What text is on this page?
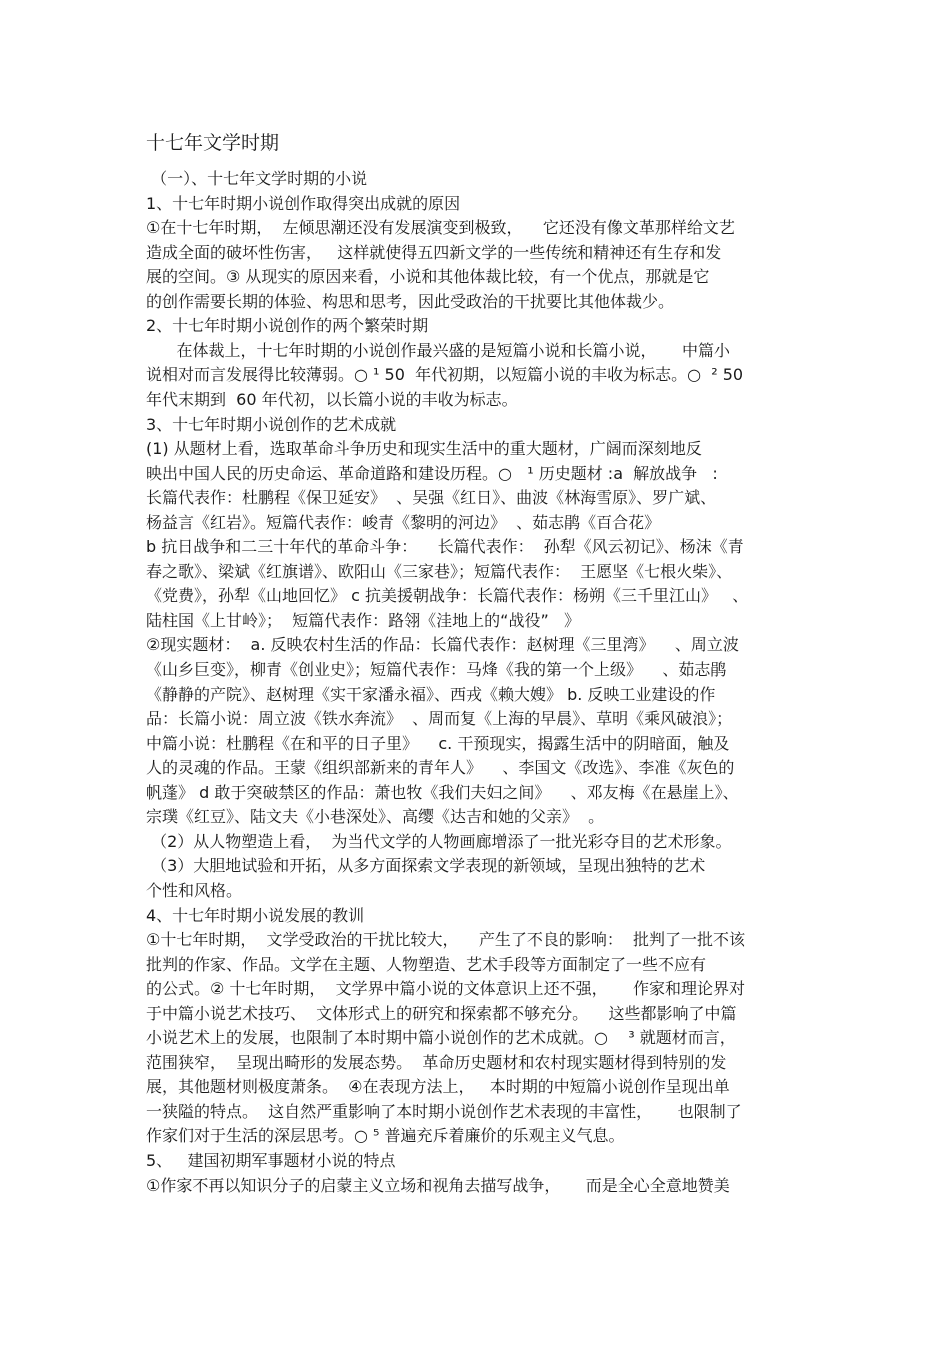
十七年文学时期
（一）、十七年文学时期的小说
1、十七年时期小说创作取得突出成就的原因
①在十七年时期，  左倾思潮还没有发展演变到极致，    它还没有像文革那样给文艺
造成全面的破坏性伤害，   这样就使得五四新文学的一些传统和精神还有生存和发
展的空间。③ 从现实的原因来看，小说和其他体裁比较，有一个优点，那就是它
的创作需要长期的体验、构思和思考，因此受政治的干扰要比其他体裁少。
2、十七年时期小说创作的两个繁荣时期
在体裁上，十七年时期的小说创作最兴盛的是短篇小说和长篇小说，     中篇小
说相对而言发展得比较薄弱。○ ¹ 50  年代初期，以短篇小说的丰收为标志。○  ² 50
年代末期到  60 年代初，以长篇小说的丰收为标志。
3、十七年时期小说创作的艺术成就
(1) 从题材上看，选取革命斗争历史和现实生活中的重大题材，广阔而深刻地反
映出中国人民的历史命运、革命道路和建设历程。○   ¹ 历史题材 :a  解放战争   :
长篇代表作：杜鹏程《保卫延安》  、吴强《红日》、曲波《林海雪原》、罗广斌、
杨益言《红岩》。短篇代表作：峻青《黎明的河边》  、茹志鹃《百合花》
b 抗日战争和二三十年代的革命斗争：    长篇代表作：  孙犁《风云初记》、杨沫《青
春之歌》、梁斌《红旗谱》、欧阳山《三家巷》；短篇代表作：  王愿坚《七根火柴》、
《党费》，孙犁《山地回忆》 c 抗美援朝战争：长篇代表作：杨朔《三千里江山》   、
陆柱国《上甘岭》；  短篇代表作：路翎《洼地上的“战役”   》
②现实题材：  a. 反映农村生活的作品：长篇代表作：赵树理《三里湾》    、周立波
《山乡巨变》，柳青《创业史》；短篇代表作：马烽《我的第一个上级》    、茹志鹃
《静静的产院》、赵树理《实干家潘永福》、西戎《赖大嫂》 b. 反映工业建设的作
品：长篇小说：周立波《铁水奔流》  、周而复《上海的早晨》、草明《乘风破浪》；
中篇小说：杜鹏程《在和平的日子里》    c. 干预现实，揭露生活中的阴暗面，触及
人的灵魂的作品。王蒙《组织部新来的青年人》    、李国文《改选》、李准《灰色的
帆蓬》 d 敢于突破禁区的作品：萧也牧《我们夫妇之间》    、邓友梅《在悬崖上》、
宗璞《红豆》、陆文夫《小巷深处》、高缨《达吉和她的父亲》  。
（2）从人物塑造上看，  为当代文学的人物画廊增添了一批光彩夺目的艺术形象。
（3）大胆地试验和开拓，从多方面探索文学表现的新领域，呈现出独特的艺术
个性和风格。
4、十七年时期小说发展的教训
①十七年时期，  文学受政治的干扰比较大，    产生了不良的影响：  批判了一批不该
批判的作家、作品。文学在主题、人物塑造、艺术手段等方面制定了一些不应有
的公式。② 十七年时期，  文学界中篇小说的文体意识上还不强，     作家和理论界对
于中篇小说艺术技巧、  文体形式上的研究和探索都不够充分。    这些都影响了中篇
小说艺术上的发展，也限制了本时期中篇小说创作的艺术成就。○    ³ 就题材而言，
范围狭窄，  呈现出畸形的发展态势。  革命历史题材和农村现实题材得到特别的发
展，其他题材则极度萧条。  ④在表现方法上，   本时期的中短篇小说创作呈现出单
一狭隘的特点。  这自然严重影响了本时期小说创作艺术表现的丰富性，     也限制了
作家们对于生活的深层思考。○ ⁵ 普遍充斥着廉价的乐观主义气息。
5、   建国初期军事题材小说的特点
①作家不再以知识分子的启蒙主义立场和视角去描写战争，     而是全心全意地赞美
